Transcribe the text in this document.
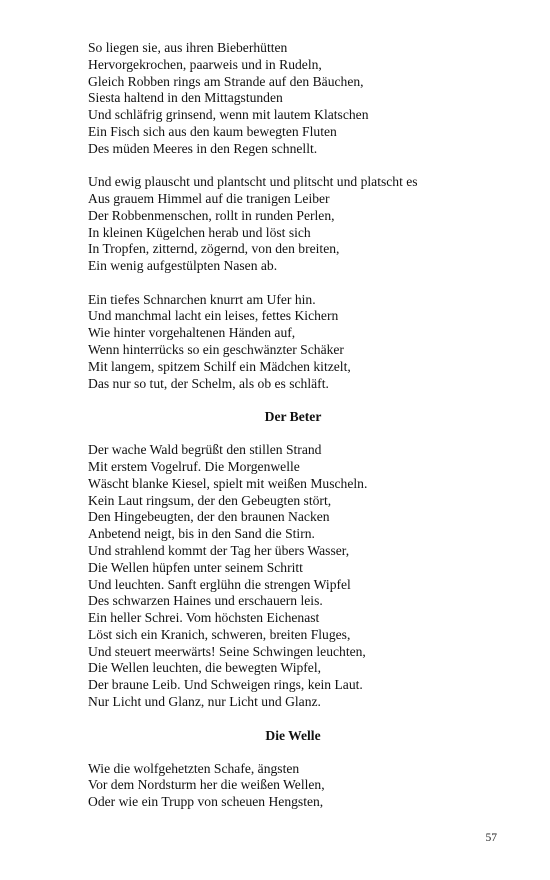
So liegen sie, aus ihren Bieberhütten
Hervorgekrochen, paarweis und in Rudeln,
Gleich Robben rings am Strande auf den Bäuchen,
Siesta haltend in den Mittagstunden
Und schläfrig grinsend, wenn mit lautem Klatschen
Ein Fisch sich aus den kaum bewegten Fluten
Des müden Meeres in den Regen schnellt.
Und ewig plauscht und plantscht und plitscht und platscht es
Aus grauem Himmel auf die tranigen Leiber
Der Robbenmenschen, rollt in runden Perlen,
In kleinen Kügelchen herab und löst sich
In Tropfen, zitternd, zögernd, von den breiten,
Ein wenig aufgestülpten Nasen ab.
Ein tiefes Schnarchen knurrt am Ufer hin.
Und manchmal lacht ein leises, fettes Kichern
Wie hinter vorgehaltenen Händen auf,
Wenn hinterrücks so ein geschwänzter Schäker
Mit langem, spitzem Schilf ein Mädchen kitzelt,
Das nur so tut, der Schelm, als ob es schläft.
Der Beter
Der wache Wald begrüßt den stillen Strand
Mit erstem Vogelruf. Die Morgenwelle
Wäscht blanke Kiesel, spielt mit weißen Muscheln.
Kein Laut ringsum, der den Gebeugten stört,
Den Hingebeugten, der den braunen Nacken
Anbetend neigt, bis in den Sand die Stirn.
Und strahlend kommt der Tag her übers Wasser,
Die Wellen hüpfen unter seinem Schritt
Und leuchten. Sanft erglühn die strengen Wipfel
Des schwarzen Haines und erschauern leis.
Ein heller Schrei. Vom höchsten Eichenast
Löst sich ein Kranich, schweren, breiten Fluges,
Und steuert meerwärts! Seine Schwingen leuchten,
Die Wellen leuchten, die bewegten Wipfel,
Der braune Leib. Und Schweigen rings, kein Laut.
Nur Licht und Glanz, nur Licht und Glanz.
Die Welle
Wie die wolfgehetzten Schafe, ängsten
Vor dem Nordsturm her die weißen Wellen,
Oder wie ein Trupp von scheuen Hengsten,
57
